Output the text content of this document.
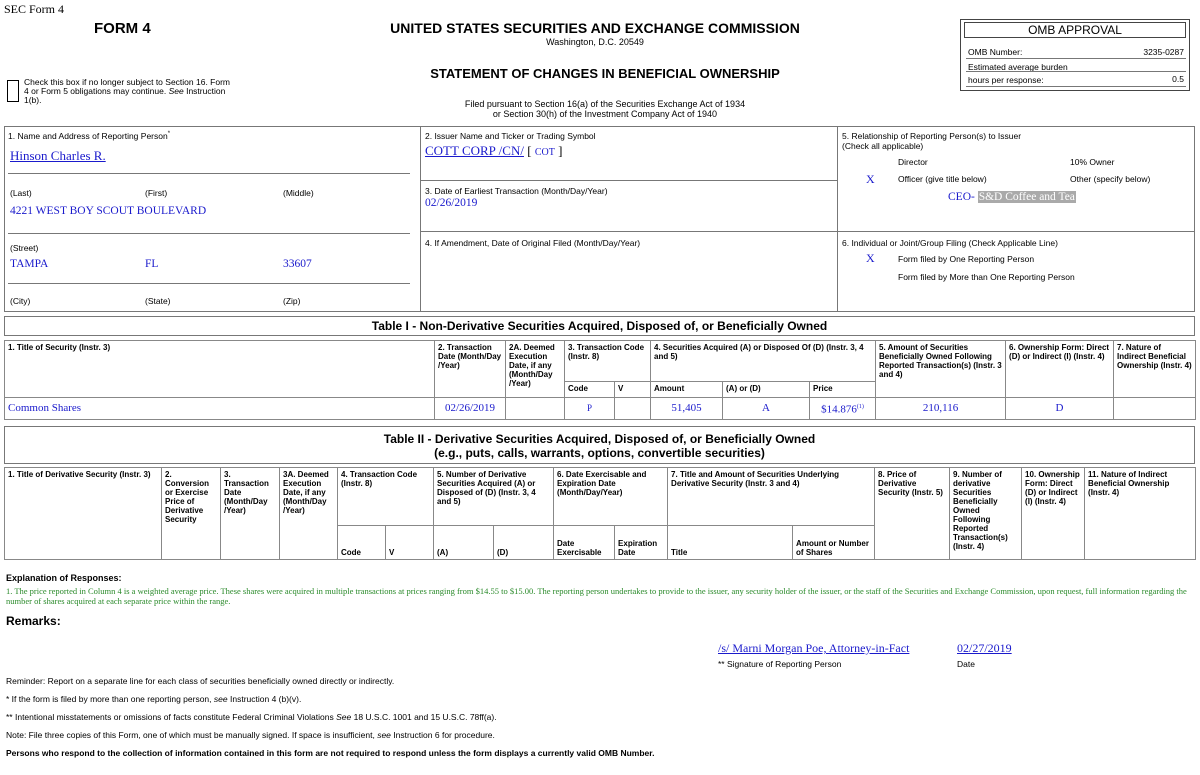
SEC Form 4
FORM 4	UNITED STATES SECURITIES AND EXCHANGE COMMISSION
Washington, D.C. 20549
STATEMENT OF CHANGES IN BENEFICIAL OWNERSHIP
Filed pursuant to Section 16(a) of the Securities Exchange Act of 1934
or Section 30(h) of the Investment Company Act of 1940
Check this box if no longer subject to Section 16. Form
4 or Form 5 obligations may continue. See Instruction
1(b).
OMB APPROVAL
OMB Number:	3235-0287
Estimated average burden
hours per response:	0.5
1. Name and Address of Reporting Person*
Hinson Charles R.
(Last)	(First)	(Middle)
4221 WEST BOY SCOUT BOULEVARD
(Street)
TAMPA	FL	33607
(City)	(State)	(Zip)
2. Issuer Name and Ticker or Trading Symbol
COTT CORP /CN/ [ COT ]
3. Date of Earliest Transaction (Month/Day/Year)
02/26/2019
4. If Amendment, Date of Original Filed (Month/Day/Year)
5. Relationship of Reporting Person(s) to Issuer
(Check all applicable)
Director	10% Owner
X	Officer (give title below)	Other (specify below)
CEO- S&D Coffee and Tea
6. Individual or Joint/Group Filing (Check Applicable Line)
X	Form filed by One Reporting Person
Form filed by More than One Reporting Person
Table I - Non-Derivative Securities Acquired, Disposed of, or Beneficially Owned
1. Title of Security (Instr. 3)	2. Transaction Date (Month/Day /Year)	2A. Deemed Execution Date, if any (Month/Day /Year)	3. Transaction Code (Instr. 8)		4. Securities Acquired (A) or Disposed Of (D) (Instr. 3, 4 and 5)			5. Amount of Securities Beneficially Owned Following Reported Transaction(s) (Instr. 3 and 4)	6. Ownership Form: Direct (D) or Indirect (I) (Instr. 4)	7. Nature of Indirect Beneficial Ownership (Instr. 4)
			Code	V	Amount	(A) or (D)	Price			
Common Shares	02/26/2019		P		51,405	A	$14.876$^{(1)}$	210,116	D	
Table II - Derivative Securities Acquired, Disposed of, or Beneficially Owned
(e.g., puts, calls, warrants, options, convertible securities)
1. Title of Derivative Security (Instr. 3)	2. Conversion or Exercise Price of Derivative Security	3. Transaction Date (Month/Day /Year)	3A. Deemed Execution Date, if any (Month/Day /Year)	4. Transaction Code (Instr. 8)		5. Number of Derivative Securities Acquired (A) or Disposed of (D) (Instr. 3, 4 and 5)		6. Date Exercisable and Expiration Date (Month/Day/Year)		7. Title and Amount of Securities Underlying Derivative Security (Instr. 3 and 4)		8. Price of Derivative Security (Instr. 5)	9. Number of derivative Securities Beneficially Owned Following Reported Transaction(s) (Instr. 4)	10. Ownership Form: Direct (D) or Indirect (I) (Instr. 4)	11. Nature of Indirect Beneficial Ownership (Instr. 4)
				Code	V	(A)	(D)	Date Exercisable	Expiration Date	Title	Amount or Number of Shares				
Explanation of Responses:
1. The price reported in Column 4 is a weighted average price. These shares were acquired in multiple transactions at prices ranging from $14.55 to $15.00. The reporting person undertakes to provide to the issuer, any security holder of the issuer, or the staff of the Securities and Exchange Commission, upon request, full information regarding the number of shares acquired at each separate price within the range.
Remarks:
/s/ Marni Morgan Poe, Attorney-in-Fact	02/27/2019
** Signature of Reporting Person	Date
Reminder: Report on a separate line for each class of securities beneficially owned directly or indirectly.
* If the form is filed by more than one reporting person, see Instruction 4 (b)(v).
** Intentional misstatements or omissions of facts constitute Federal Criminal Violations See 18 U.S.C. 1001 and 15 U.S.C. 78ff(a).
Note: File three copies of this Form, one of which must be manually signed. If space is insufficient, see Instruction 6 for procedure.
Persons who respond to the collection of information contained in this form are not required to respond unless the form displays a currently valid OMB Number.
